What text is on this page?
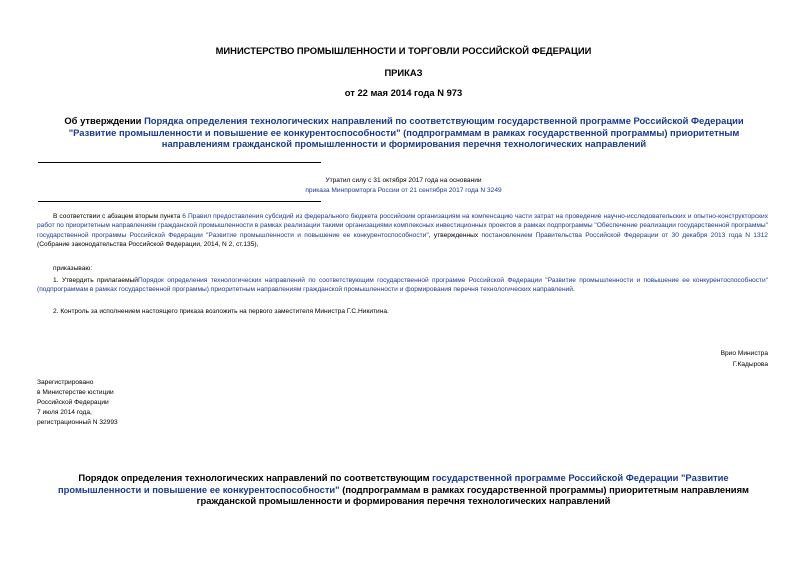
МИНИСТЕРСТВО ПРОМЫШЛЕННОСТИ И ТОРГОВЛИ РОССИЙСКОЙ ФЕДЕРАЦИИ
ПРИКАЗ
от 22 мая 2014 года N 973
Об утверждении Порядка определения технологических направлений по соответствующим государственной программе Российской Федерации "Развитие промышленности и повышение ее конкурентоспособности" (подпрограммам в рамках государственной программы) приоритетным направлениям гражданской промышленности и формирования перечня технологических направлений
Утратил силу с 31 октября 2017 года на основании
приказа Минпромторга России от 21 сентября 2017 года N 3249
В соответствии с абзацем вторым пункта 6 Правил предоставления субсидий из федерального бюджета российским организациям на компенсацию части затрат на проведение научно-исследовательских и опытно-конструкторских работ по приоритетным направлениям гражданской промышленности в рамках реализации такими организациями комплексных инвестиционных проектов в рамках подпрограммы "Обеспечение реализации государственной программы" государственной программы Российской Федерации "Развитие промышленности и повышение ее конкурентоспособности", утвержденных постановлением Правительства Российской Федерации от 30 декабря 2013 года N 1312 (Собрание законодательства Российской Федерации, 2014, N 2, ст.135),
приказываю:
1. Утвердить прилагаемыйПорядок определения технологических направлений по соответствующим государственной программе Российской Федерации "Развитие промышленности и повышение ее конкурентоспособности" (подпрограммам в рамках государственной программы) приоритетным направлениям гражданской промышленности и формирования перечня технологических направлений.
2. Контроль за исполнением настоящего приказа возложить на первого заместителя Министра Г.С.Никитина.
Врио Министра
Г.Кадырова
Зарегистрировано
в Министерстве юстиции
Российской Федерации
7 июля 2014 года,
регистрационный N 32993
Порядок определения технологических направлений по соответствующим государственной программе Российской Федерации "Развитие промышленности и повышение ее конкурентоспособности" (подпрограммам в рамках государственной программы) приоритетным направлениям гражданской промышленности и формирования перечня технологических направлений
